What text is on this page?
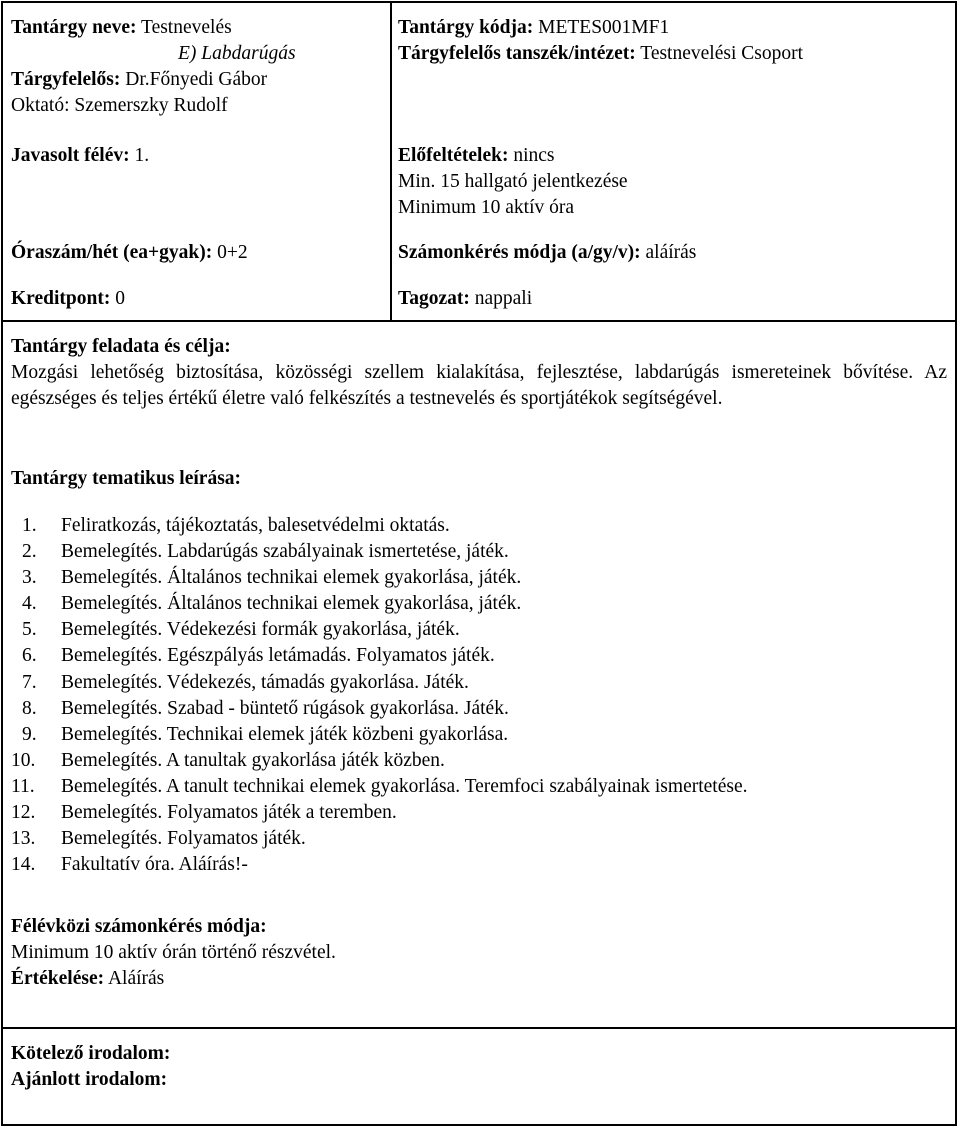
Tantárgy neve: Testnevelés
E) Labdarúgás
Tárgyfelelős: Dr.Főnyedi Gábor
Oktató: Szemerszky Rudolf
Javasolt félév: 1.
Óraszám/hét (ea+gyak): 0+2
Kreditpont: 0
Tantárgy kódja: METES001MF1
Tárgyfelelős tanszék/intézet: Testnevelési Csoport
Előfeltételek: nincs
Min. 15 hallgató jelentkezése
Minimum 10 aktív óra
Számonkérés módja (a/gy/v): aláírás
Tagozat: nappali
Tantárgy feladata és célja:
Mozgási lehetőség biztosítása, közösségi szellem kialakítása, fejlesztése, labdarúgás ismereteinek bővítése. Az egészséges és teljes értékű életre való felkészítés a testnevelés és sportjátékok segítségével.
Tantárgy tematikus leírása:
1. Feliratkozás, tájékoztatás, balesetvédelmi oktatás.
2. Bemelegítés. Labdarúgás szabályainak ismertetése, játék.
3. Bemelegítés. Általános technikai elemek gyakorlása, játék.
4. Bemelegítés. Általános technikai elemek gyakorlása, játék.
5. Bemelegítés. Védekezési formák gyakorlása, játék.
6. Bemelegítés. Egészpályás letámadás. Folyamatos játék.
7. Bemelegítés. Védekezés, támadás gyakorlása. Játék.
8. Bemelegítés. Szabad - büntető rúgások gyakorlása. Játék.
9. Bemelegítés. Technikai elemek játék közbeni gyakorlása.
10. Bemelegítés. A tanultak gyakorlása játék közben.
11. Bemelegítés. A tanult technikai elemek gyakorlása. Teremfoci szabályainak ismertetése.
12. Bemelegítés. Folyamatos játék a teremben.
13. Bemelegítés. Folyamatos játék.
14. Fakultatív óra. Aláírás!-
Félévközi számonkérés módja:
Minimum 10 aktív órán történő részvétel.
Értékelése: Aláírás
Kötelező irodalom:
Ajánlott irodalom:
